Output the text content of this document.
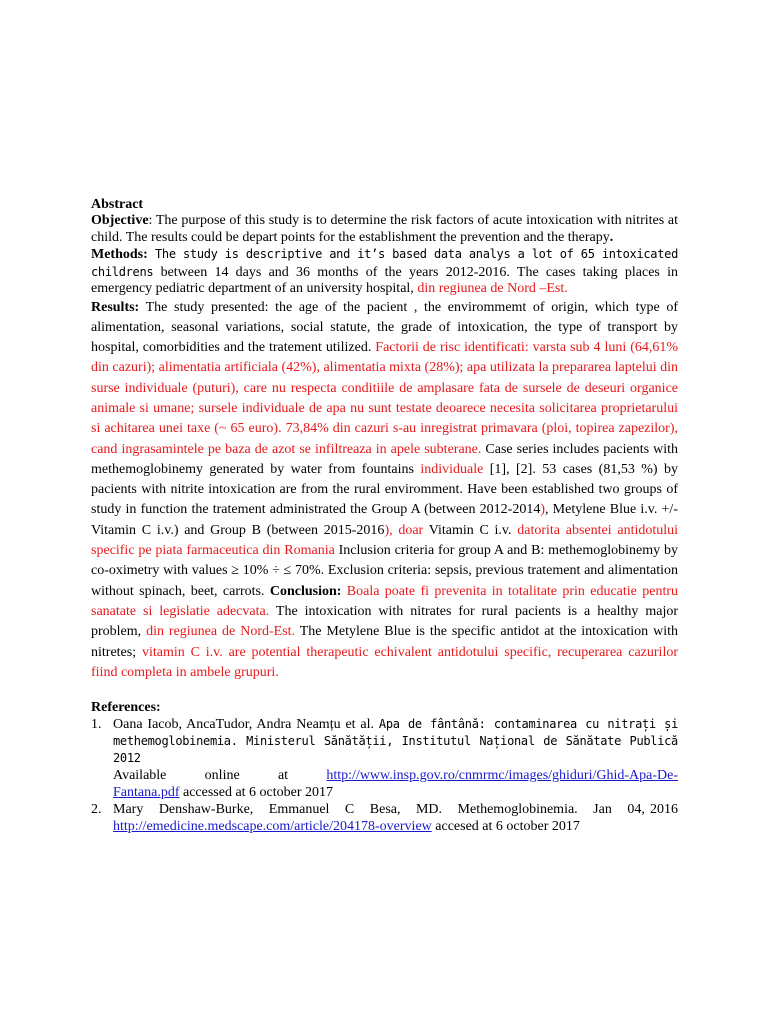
Abstract

Objective: The purpose of this study is to determine the risk factors of acute intoxication with nitrites at child. The results could be depart points for the establishment the prevention and the therapy.

Methods: The study is descriptive and it’s based data analys a lot of 65 intoxicated childrens between 14 days and 36 months of the years 2012-2016. The cases taking places in emergency pediatric department of an university hospital, din regiunea de Nord –Est.

Results: The study presented: the age of the pacient , the envirommemt of origin, which type of alimentation, seasonal variations, social statute, the grade of intoxication, the type of transport by hospital, comorbidities and the tratement utilized. Factorii de risc identificati: varsta sub 4 luni (64,61% din cazuri); alimentatia artificiala (42%), alimentatia mixta (28%); apa utilizata la prepararea laptelui din surse individuale (puturi), care nu respecta conditiile de amplasare fata de sursele de deseuri organice animale si umane; sursele individuale de apa nu sunt testate deoarece necesita solicitarea proprietarului si achitarea unei taxe (~ 65 euro). 73,84% din cazuri s-au inregistrat primavara (ploi, topirea zapezilor), cand ingrasamintele pe baza de azot se infiltreaza in apele subterane. Case series includes pacients with methemoglobinemy generated by water from fountains individuale [1], [2]. 53 cases (81,53 %) by pacients with nitrite intoxication are from the rural enviromment. Have been established two groups of study in function the tratement administrated the Group A (between 2012-2014), Metylene Blue i.v. +/- Vitamin C i.v.) and Group B (between 2015-2016), doar Vitamin C i.v. datorita absentei antidotului specific pe piata farmaceutica din Romania Inclusion criteria for group A and B: methemoglobinemy by co-oximetry with values ≥ 10% ÷ ≤ 70%. Exclusion criteria: sepsis, previous tratement and alimentation without spinach, beet, carrots. Conclusion: Boala poate fi prevenita in totalitate prin educatie pentru sanatate si legislatie adecvata. The intoxication with nitrates for rural pacients is a healthy major problem, din regiunea de Nord-Est. The Metylene Blue is the specific antidot at the intoxication with nitretes; vitamin C i.v. are potential therapeutic echivalent antidotului specific, recuperarea cazurilor fiind completa in ambele grupuri.

References:
1. Oana Iacob, AncaTudor, Andra Neamțu et al. Apa de fântână: contaminarea cu nitrați și methemoglobinemia. Ministerul Sănătății, Institutul Național de Sănătate Publică 2012
Available      online      at      http://www.insp.gov.ro/cnmrmc/images/ghiduri/Ghid-Apa-De-Fantana.pdf accessed at 6 october 2017
2. Mary   Denshaw-Burke,   Emmanuel   C   Besa,   MD.   Methemoglobinemia.   Jan   04, 2016  http://emedicine.medscape.com/article/204178-overview accesed at 6 october 2017
